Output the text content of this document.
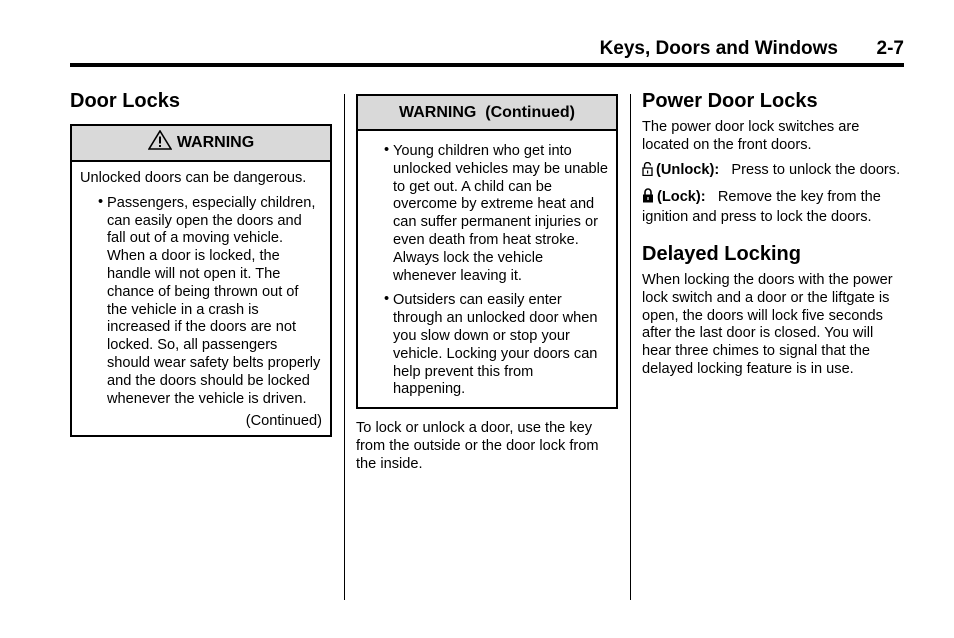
Keys, Doors and Windows 2-7
Door Locks
WARNING

Unlocked doors can be dangerous.

• Passengers, especially children, can easily open the doors and fall out of a moving vehicle. When a door is locked, the handle will not open it. The chance of being thrown out of the vehicle in a crash is increased if the doors are not locked. So, all passengers should wear safety belts properly and the doors should be locked whenever the vehicle is driven.

(Continued)

WARNING  (Continued)
• Young children who get into unlocked vehicles may be unable to get out. A child can be overcome by extreme heat and can suffer permanent injuries or even death from heat stroke. Always lock the vehicle whenever leaving it.
• Outsiders can easily enter through an unlocked door when you slow down or stop your vehicle. Locking your doors can help prevent this from happening.

To lock or unlock a door, use the key from the outside or the door lock from the inside.

Power Door Locks

The power door lock switches are located on the front doors.

(Unlock): Press to unlock the doors.

(Lock): Remove the key from the ignition and press to lock the doors.

Delayed Locking

When locking the doors with the power lock switch and a door or the liftgate is open, the doors will lock five seconds after the last door is closed. You will hear three chimes to signal that the delayed locking feature is in use.
